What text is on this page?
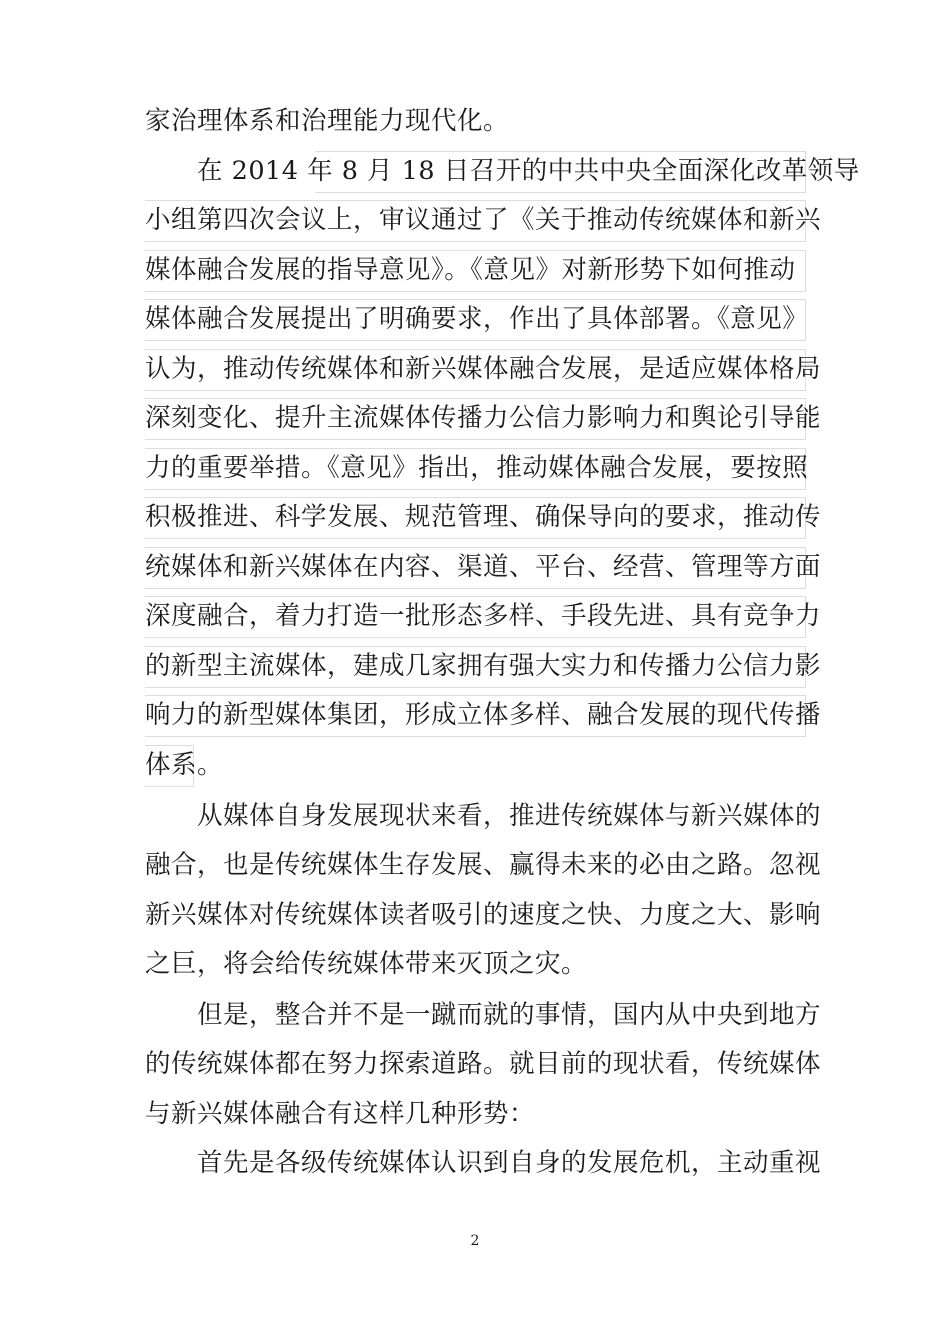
家治理体系和治理能力现代化。
在 2014 年 8 月 18 日召开的中共中央全面深化改革领导
小组第四次会议上，审议通过了《关于推动传统媒体和新兴
媒体融合发展的指导意见》。《意见》对新形势下如何推动
媒体融合发展提出了明确要求，作出了具体部署。《意见》
认为，推动传统媒体和新兴媒体融合发展，是适应媒体格局
深刻变化、提升主流媒体传播力公信力影响力和舆论引导能
力的重要举措。《意见》指出，推动媒体融合发展，要按照
积极推进、科学发展、规范管理、确保导向的要求，推动传
统媒体和新兴媒体在内容、渠道、平台、经营、管理等方面
深度融合，着力打造一批形态多样、手段先进、具有竞争力
的新型主流媒体，建成几家拥有强大实力和传播力公信力影
响力的新型媒体集团，形成立体多样、融合发展的现代传播
体系。
从媒体自身发展现状来看，推进传统媒体与新兴媒体的
融合，也是传统媒体生存发展、赢得未来的必由之路。忽视
新兴媒体对传统媒体读者吸引的速度之快、力度之大、影响
之巨，将会给传统媒体带来灭顶之灾。
但是，整合并不是一蹴而就的事情，国内从中央到地方
的传统媒体都在努力探索道路。就目前的现状看，传统媒体
与新兴媒体融合有这样几种形势：
首先是各级传统媒体认识到自身的发展危机，主动重视
2
